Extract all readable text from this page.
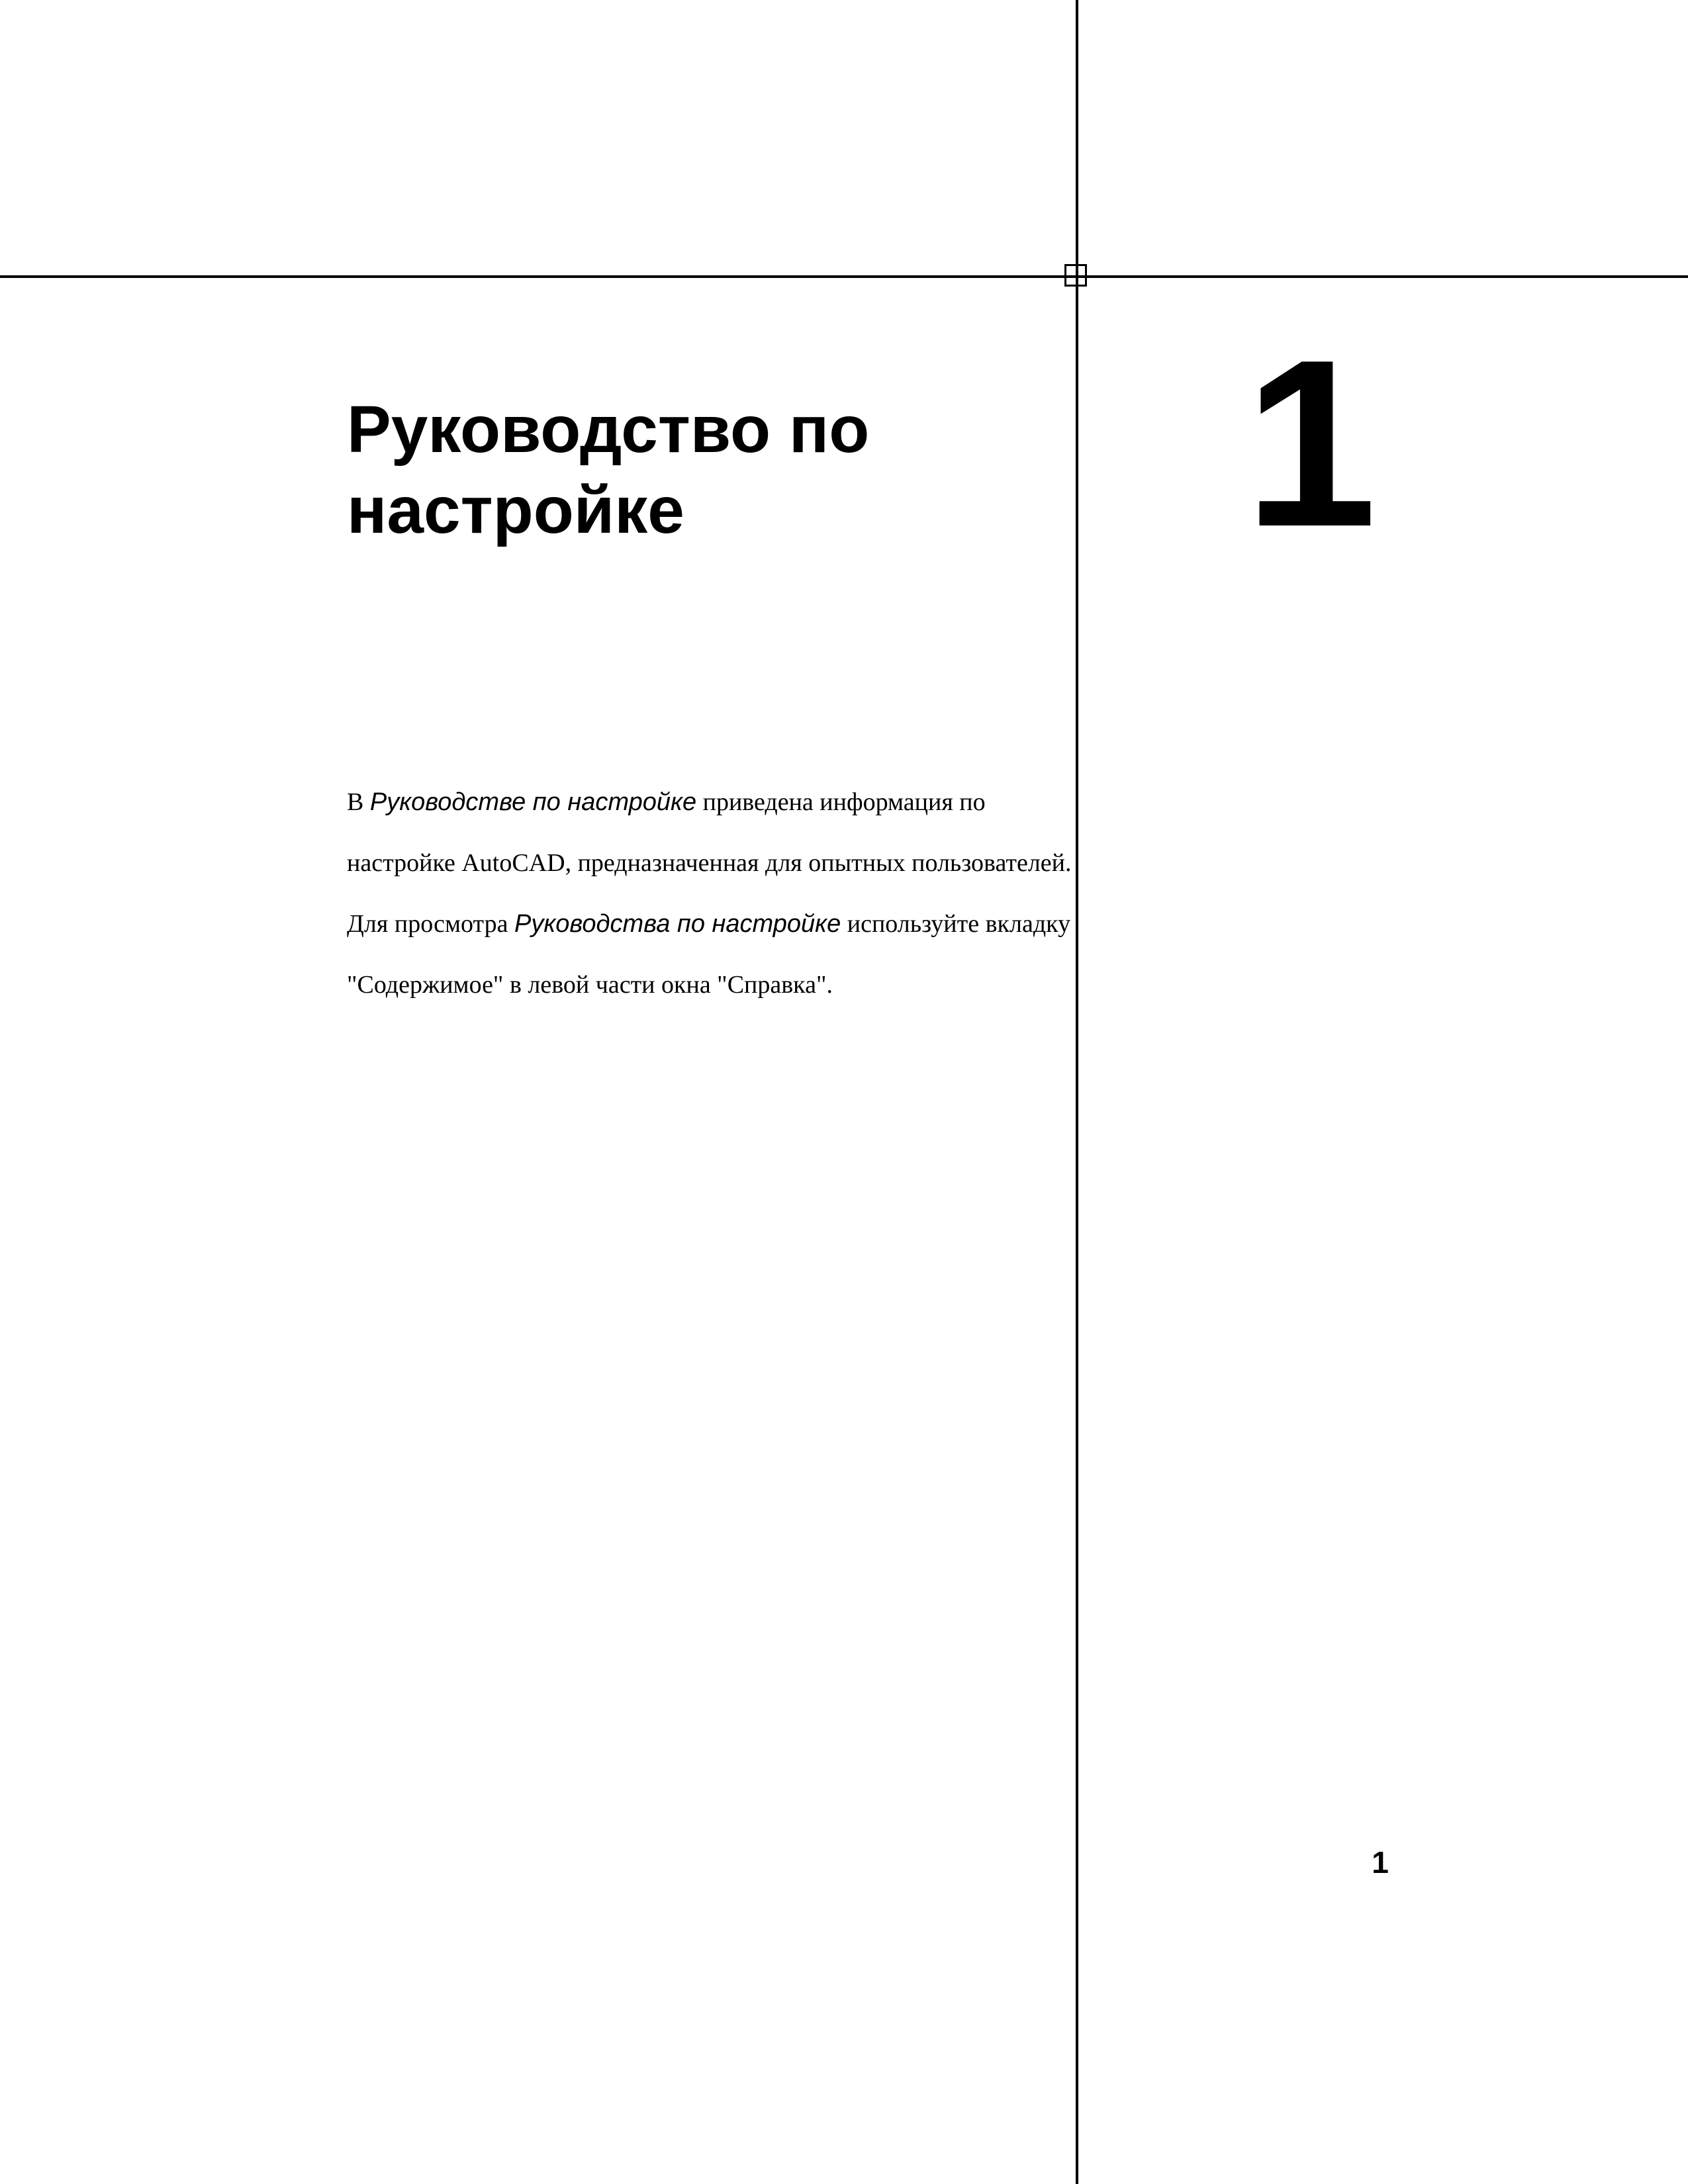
Руководство по
настройке	1

В Руководстве по настройке приведена информация по
настройке AutoCAD, предназначенная для опытных пользователей.
Для просмотра Руководства по настройке используйте вкладку
"Содержимое" в левой части окна "Справка".

1
